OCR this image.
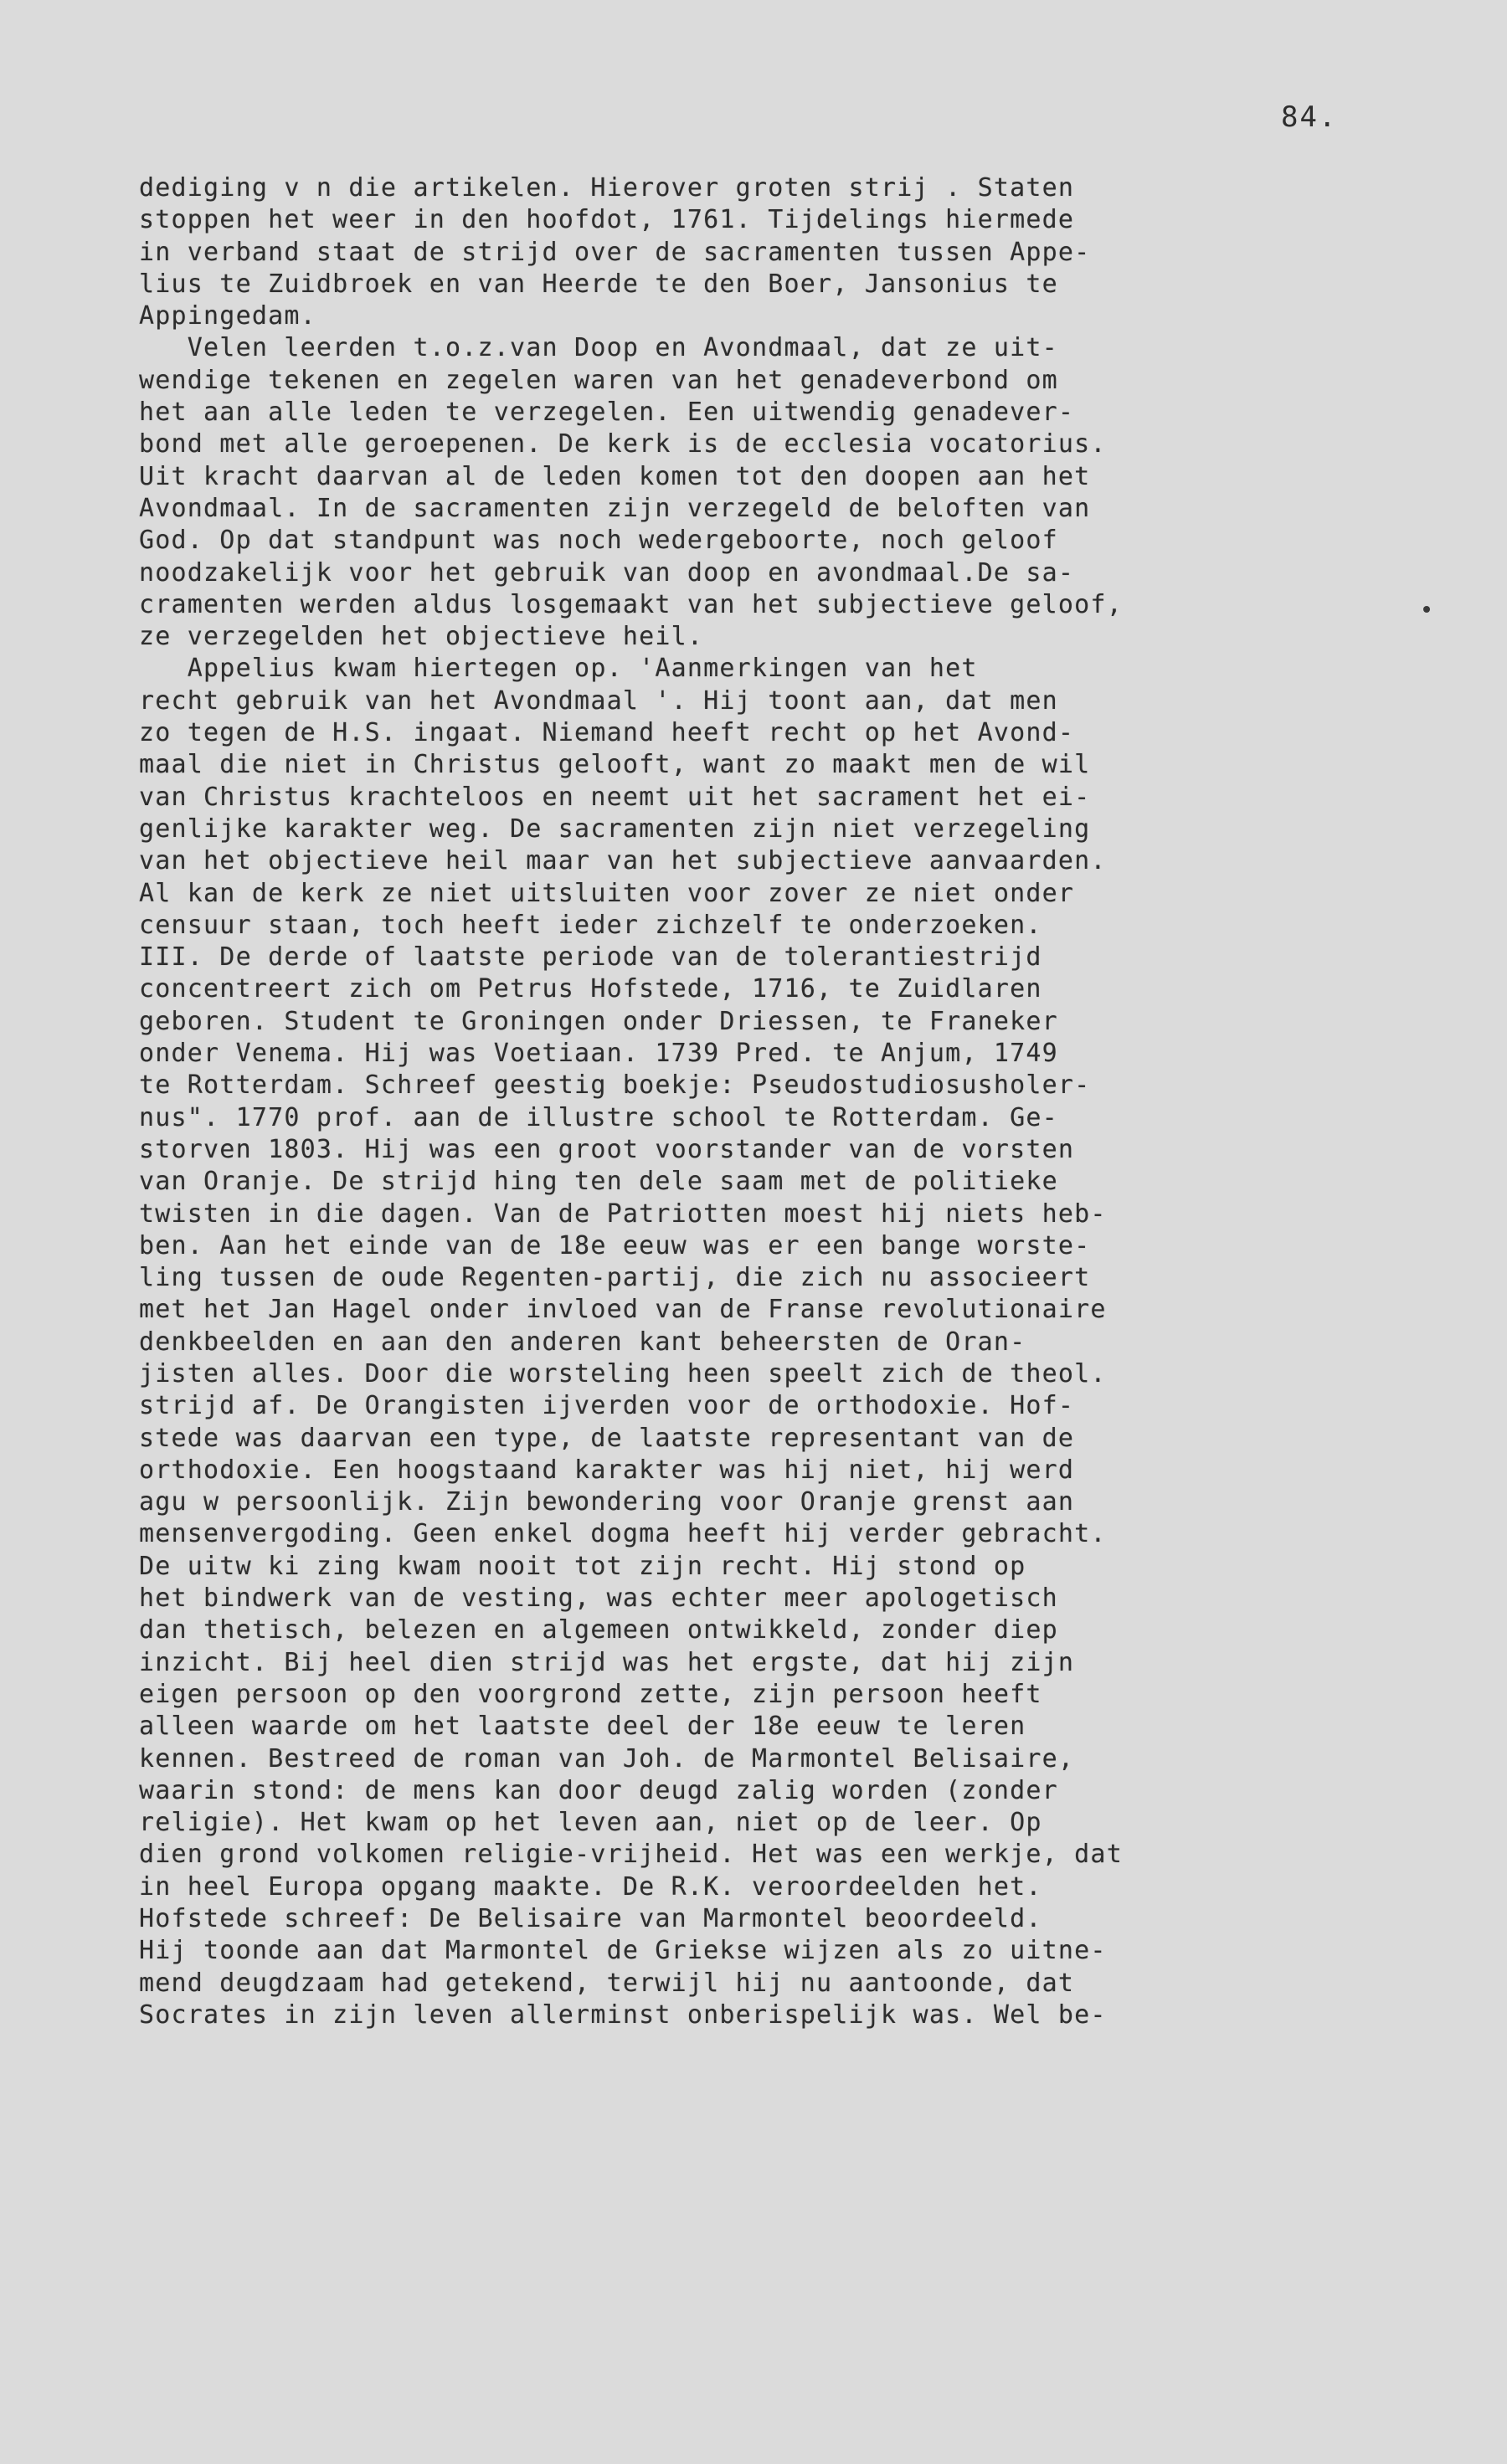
84.
dediging v n die artikelen. Hierover groten strij . Staten
stoppen het weer in den hoofdot, 1761. Tijdelings hiermede
in verband staat de strijd over de sacramenten tussen Appe-
lius te Zuidbroek en van Heerde te den Boer, Jansonius te
Appingedam.
Velen leerden t.o.z.van Doop en Avondmaal, dat ze uit-
wendige tekenen en zegelen waren van het genadeverbond om
het aan alle leden te verzegelen. Een uitwendig genadever-
bond met alle geroepenen. De kerk is de ecclesia vocatorius.
Uit kracht daarvan al de leden komen tot den doopen aan het
Avondmaal. In de sacramenten zijn verzegeld de beloften van
God. Op dat standpunt was noch wedergeboorte, noch geloof
noodzakelijk voor het gebruik van doop en avondmaal.De sa-
cramenten werden aldus losgemaakt van het subjectieve geloof,
ze verzegelden het objectieve heil.
Appelius kwam hiertegen op. 'Aanmerkingen van het
recht gebruik van het Avondmaal '. Hij toont aan, dat men
zo tegen de H.S. ingaat. Niemand heeft recht op het Avond-
maal die niet in Christus gelooft, want zo maakt men de wil
van Christus krachteloos en neemt uit het sacrament het ei-
genlijke karakter weg. De sacramenten zijn niet verzegeling
van het objectieve heil maar van het subjectieve aanvaarden.
Al kan de kerk ze niet uitsluiten voor zover ze niet onder
censuur staan, toch heeft ieder zichzelf te onderzoeken.
III. De derde of laatste periode van de tolerantiestrijd
concentreert zich om Petrus Hofstede, 1716, te Zuidlaren
geboren. Student te Groningen onder Driessen, te Franeker
onder Venema. Hij was Voetiaan. 1739 Pred. te Anjum, 1749
te Rotterdam. Schreef geestig boekje: Pseudostudiosusholer-
nus". 1770 prof. aan de illustre school te Rotterdam. Ge-
storven 1803. Hij was een groot voorstander van de vorsten
van Oranje. De strijd hing ten dele saam met de politieke
twisten in die dagen. Van de Patriotten moest hij niets heb-
ben. Aan het einde van de 18e eeuw was er een bange worste-
ling tussen de oude Regenten-partij, die zich nu associeert
met het Jan Hagel onder invloed van de Franse revolutionaire
denkbeelden en aan den anderen kant beheersten de Oran-
jisten alles. Door die worsteling heen speelt zich de theol.
strijd af. De Orangisten ijverden voor de orthodoxie. Hof-
stede was daarvan een type, de laatste representant van de
orthodoxie. Een hoogstaand karakter was hij niet, hij werd
agu w persoonlijk. Zijn bewondering voor Oranje grenst aan
mensenvergoding. Geen enkel dogma heeft hij verder gebracht.
De uitw ki zing kwam nooit tot zijn recht. Hij stond op
het bindwerk van de vesting, was echter meer apologetisch
dan thetisch, belezen en algemeen ontwikkeld, zonder diep
inzicht. Bij heel dien strijd was het ergste, dat hij zijn
eigen persoon op den voorgrond zette, zijn persoon heeft
alleen waarde om het laatste deel der 18e eeuw te leren
kennen. Bestreed de roman van Joh. de Marmontel Belisaire,
waarin stond: de mens kan door deugd zalig worden (zonder
religie). Het kwam op het leven aan, niet op de leer. Op
dien grond volkomen religie-vrijheid. Het was een werkje, dat
in heel Europa opgang maakte. De R.K. veroordeelden het.
Hofstede schreef: De Belisaire van Marmontel beoordeeld.
Hij toonde aan dat Marmontel de Griekse wijzen als zo uitne-
mend deugdzaam had getekend, terwijl hij nu aantoonde, dat
Socrates in zijn leven allerminst onberispelijk was. Wel be-
